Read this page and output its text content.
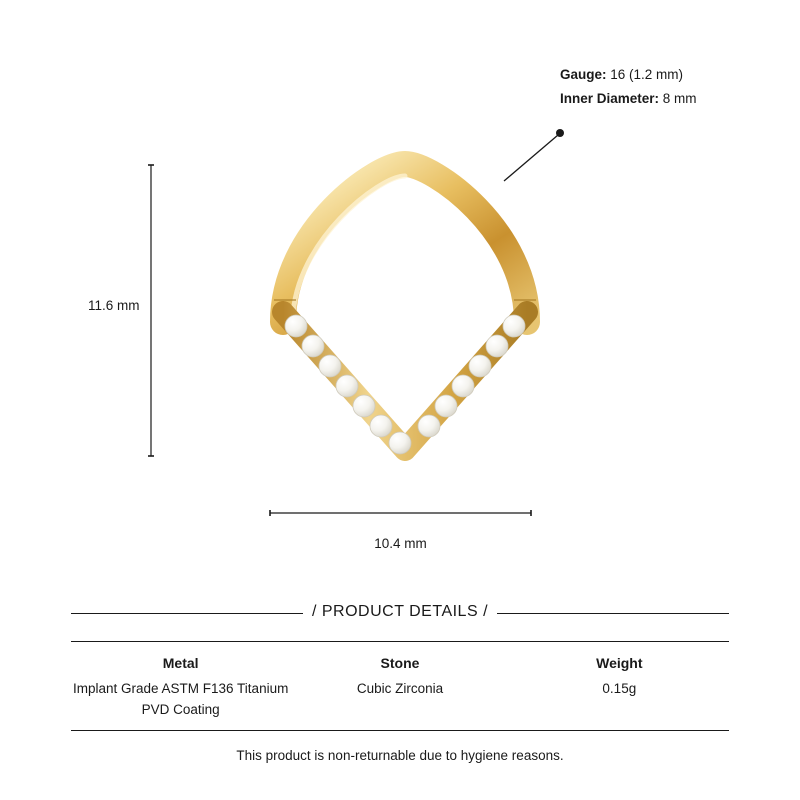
Gauge: 16 (1.2 mm)
Inner Diameter: 8 mm
11.6 mm
10.4 mm
/ PRODUCT DETAILS /
Metal
Implant Grade ASTM F136 Titanium PVD Coating
Stone
Cubic Zirconia
Weight
0.15g
This product is non-returnable due to hygiene reasons.
